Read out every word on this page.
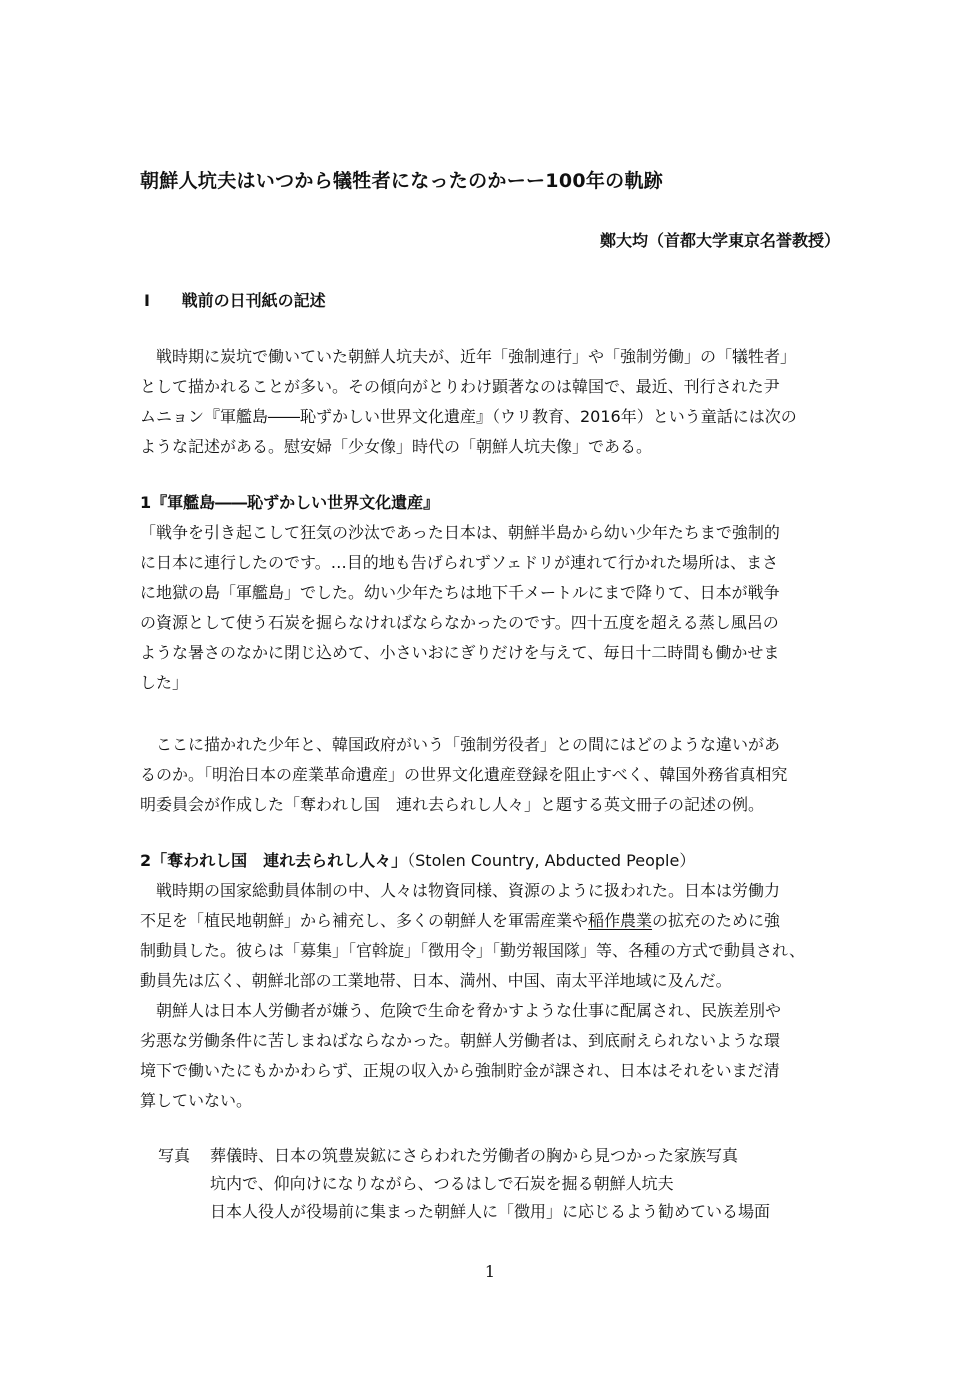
朝鮮人坑夫はいつから犠牲者になったのかーー100年の軌跡
鄭大均（首都大学東京名誉教授）
Ⅰ 戦前の日刊紙の記述
　戦時期に炭坑で働いていた朝鮮人坑夫が、近年「強制連行」や「強制労働」の「犠牲者」
として描かれることが多い。その傾向がとりわけ顕著なのは韓国で、最近、刊行された尹
ムニョン『軍艦島――恥ずかしい世界文化遺産』（ウリ教育、2016年）という童話には次の
ような記述がある。慰安婦「少女像」時代の「朝鮮人坑夫像」である。
1『軍艦島――恥ずかしい世界文化遺産』
「戦争を引き起こして狂気の沙汰であった日本は、朝鮮半島から幼い少年たちまで強制的
に日本に連行したのです。…目的地も告げられずソェドリが連れて行かれた場所は、まさ
に地獄の島「軍艦島」でした。幼い少年たちは地下千メートルにまで降りて、日本が戦争
の資源として使う石炭を掘らなければならなかったのです。四十五度を超える蒸し風呂の
ような暑さのなかに閉じ込めて、小さいおにぎりだけを与えて、毎日十二時間も働かせま
した」
　ここに描かれた少年と、韓国政府がいう「強制労役者」との間にはどのような違いがあ
るのか。「明治日本の産業革命遺産」の世界文化遺産登録を阻止すべく、韓国外務省真相究
明委員会が作成した「奪われし国　連れ去られし人々」と題する英文冊子の記述の例。
2「奪われし国　連れ去られし人々」（Stolen Country, Abducted People）
　戦時期の国家総動員体制の中、人々は物資同様、資源のように扱われた。日本は労働力
不足を「植民地朝鮮」から補充し、多くの朝鮮人を軍需産業や稲作農業の拡充のために強
制動員した。彼らは「募集」「官斡旋」「徴用令」「勤労報国隊」等、各種の方式で動員され、
動員先は広く、朝鮮北部の工業地帯、日本、満州、中国、南太平洋地域に及んだ。
　朝鮮人は日本人労働者が嫌う、危険で生命を脅かすような仕事に配属され、民族差別や
劣悪な労働条件に苦しまねばならなかった。朝鮮人労働者は、到底耐えられないような環
境下で働いたにもかかわらず、正規の収入から強制貯金が課され、日本はそれをいまだ清
算していない。
写真 葬儀時、日本の筑豊炭鉱にさらわれた労働者の胸から見つかった家族写真
坑内で、仰向けになりながら、つるはしで石炭を掘る朝鮮人坑夫
日本人役人が役場前に集まった朝鮮人に「徴用」に応じるよう勧めている場面
1
